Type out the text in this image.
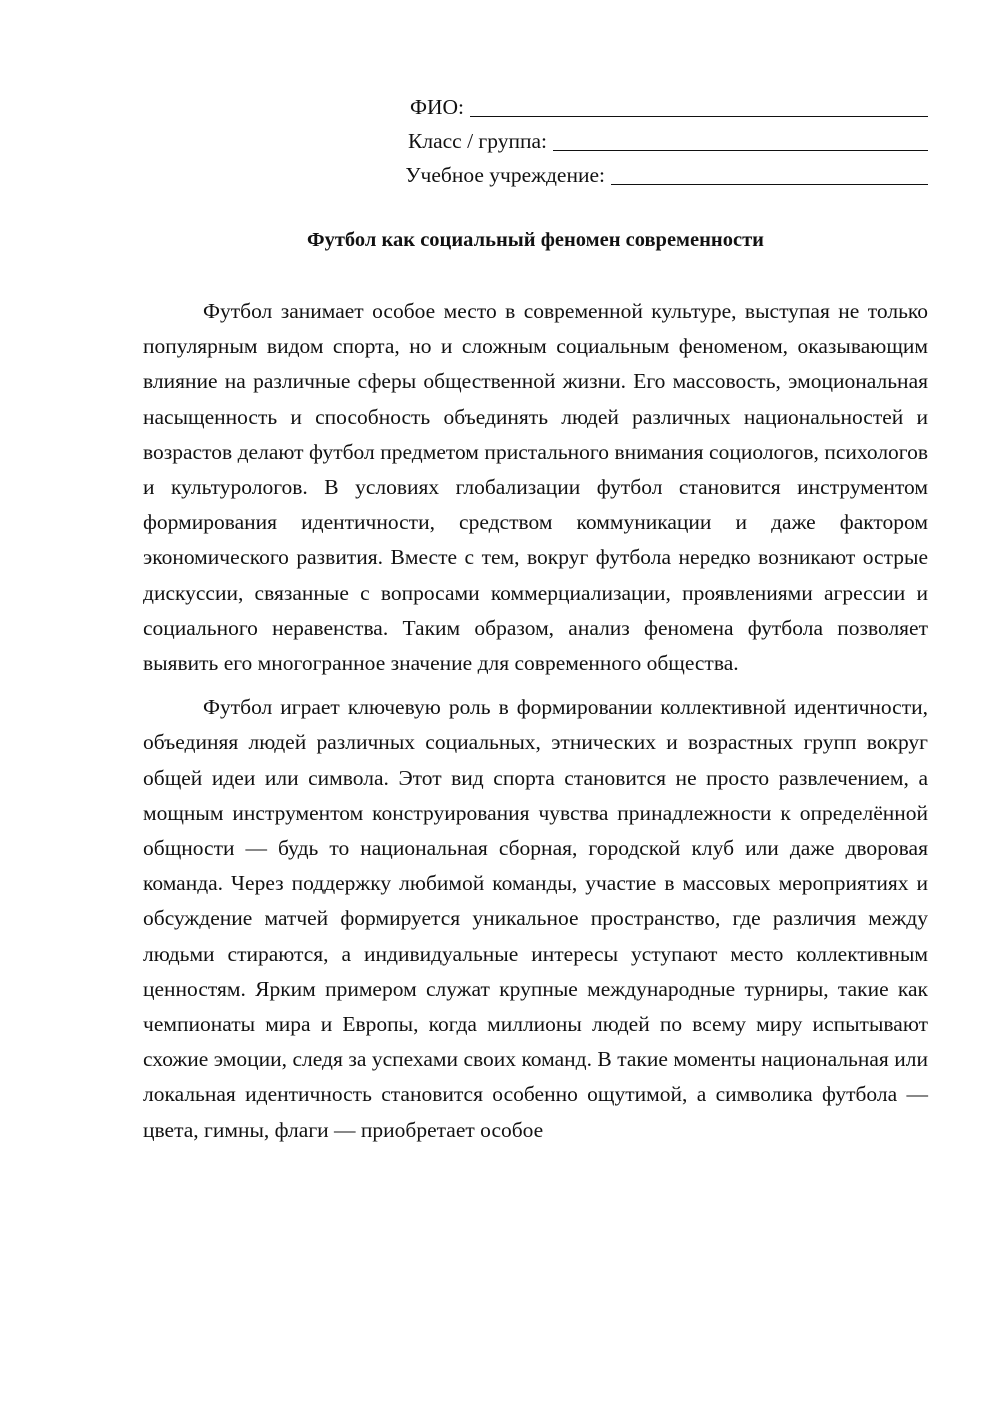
ФИО:
Класс / группа:
Учебное учреждение:
Футбол как социальный феномен современности

Футбол занимает особое место в современной культуре, выступая не только популярным видом спорта, но и сложным социальным феноменом, оказывающим влияние на различные сферы общественной жизни. Его массовость, эмоциональная насыщенность и способность объединять людей различных национальностей и возрастов делают футбол предметом пристального внимания социологов, психологов и культурологов. В условиях глобализации футбол становится инструментом формирования идентичности, средством коммуникации и даже фактором экономического развития. Вместе с тем, вокруг футбола нередко возникают острые дискуссии, связанные с вопросами коммерциализации, проявлениями агрессии и социального неравенства. Таким образом, анализ феномена футбола позволяет выявить его многогранное значение для современного общества.

Футбол играет ключевую роль в формировании коллективной идентичности, объединяя людей различных социальных, этнических и возрастных групп вокруг общей идеи или символа. Этот вид спорта становится не просто развлечением, а мощным инструментом конструирования чувства принадлежности к определённой общности — будь то национальная сборная, городской клуб или даже дворовая команда. Через поддержку любимой команды, участие в массовых мероприятиях и обсуждение матчей формируется уникальное пространство, где различия между людьми стираются, а индивидуальные интересы уступают место коллективным ценностям. Ярким примером служат крупные международные турниры, такие как чемпионаты мира и Европы, когда миллионы людей по всему миру испытывают схожие эмоции, следя за успехами своих команд. В такие моменты национальная или локальная идентичность становится особенно ощутимой, а символика футбола — цвета, гимны, флаги — приобретает особое
